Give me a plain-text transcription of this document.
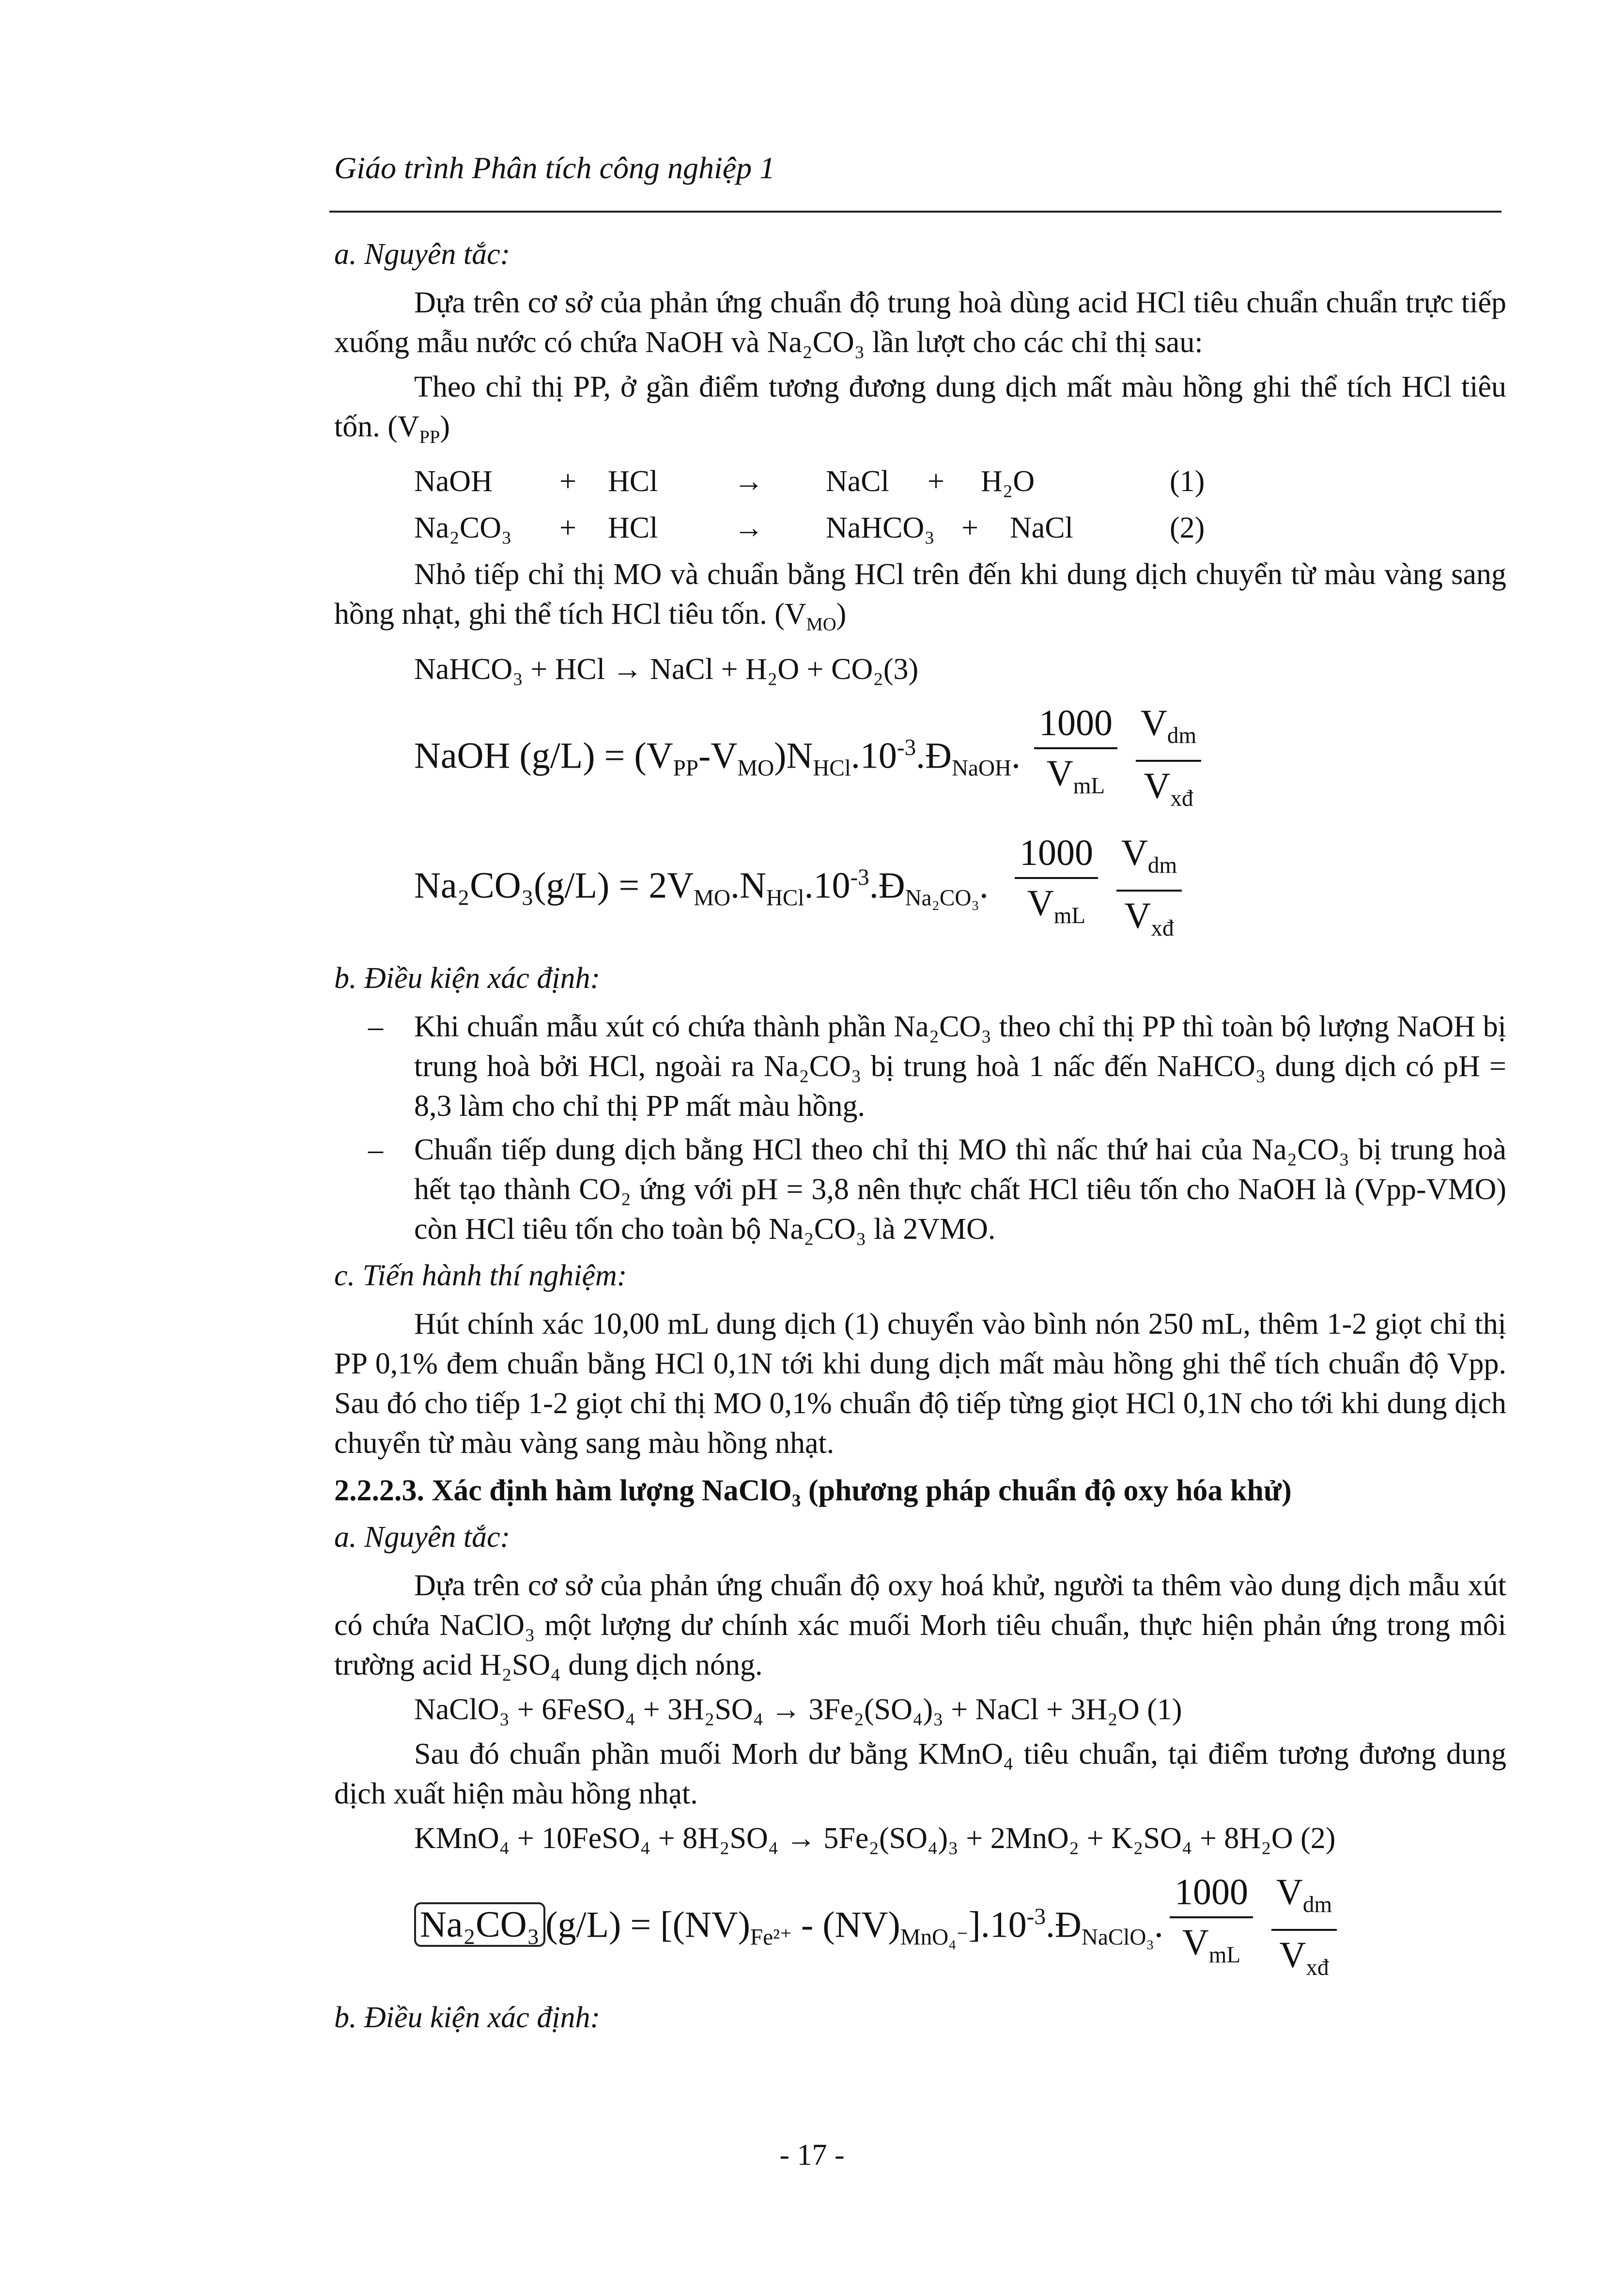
Giáo trình Phân tích công nghiệp 1
a. Nguyên tắc:

Dựa trên cơ sở của phản ứng chuẩn độ trung hoà dùng acid HCl tiêu chuẩn chuẩn trực tiếp xuống mẫu nước có chứa NaOH và Na₂CO₃ lần lượt cho các chỉ thị sau:

Theo chỉ thị PP, ở gần điểm tương đương dung dịch mất màu hồng ghi thể tích HCl tiêu tốn. $(V_{PP})$

NaOH + HCl	→ NaCl + H₂O	(1)
Na₂CO₃ + HCl	→ NaHCO₃ + NaCl	(2)

Nhỏ tiếp chỉ thị MO và chuẩn bằng HCl trên đến khi dung dịch chuyển từ màu vàng sang hồng nhạt, ghi thể tích HCl tiêu tốn. $(V_{MO})$

NaHCO₃ + HCl → NaCl + H₂O + CO₂(3)
NaOH $(g/L) = (V_{PP}-V_{MO})N_{HCl}.10^{-3}.Đ_{NaOH}$.
1000
$V_{mL}$
$V_{dm}$
$V_{xđ}$
$Na_2CO_3(g/L) = 2V_{MO}.N_{HCl}.10^{-3}.Đ_{Na_2CO_3}$.
1000
$V_{mL}$
$V_{dm}$
$V_{xđ}$
b. Điều kiện xác định:
– Khi chuẩn mẫu xút có chứa thành phần Na₂CO₃ theo chỉ thị PP thì toàn bộ lượng NaOH bị trung hoà bởi HCl, ngoài ra Na₂CO₃ bị trung hoà 1 nấc đến NaHCO₃ dung dịch có pH = 8,3 làm cho chỉ thị PP mất màu hồng.
– Chuẩn tiếp dung dịch bằng HCl theo chỉ thị MO thì nấc thứ hai của Na₂CO₃ bị trung hoà hết tạo thành CO₂ ứng với pH = 3,8 nên thực chất HCl tiêu tốn cho NaOH là (Vpp-VMO) còn HCl tiêu tốn cho toàn bộ Na₂CO₃ là 2VMO.
c. Tiến hành thí nghiệm:

Hút chính xác 10,00 mL dung dịch (1) chuyển vào bình nón 250 mL, thêm 1-2 giọt chỉ thị PP 0,1% đem chuẩn bằng HCl 0,1N tới khi dung dịch mất màu hồng ghi thể tích chuẩn độ Vpp. Sau đó cho tiếp 1-2 giọt chỉ thị MO 0,1% chuẩn độ tiếp từng giọt HCl 0,1N cho tới khi dung dịch chuyển từ màu vàng sang màu hồng nhạt.

2.2.2.3. Xác định hàm lượng NaClO₃ (phương pháp chuẩn độ oxy hóa khử)
a. Nguyên tắc:

Dựa trên cơ sở của phản ứng chuẩn độ oxy hoá khử, người ta thêm vào dung dịch mẫu xút có chứa NaClO₃ một lượng dư chính xác muối Morh tiêu chuẩn, thực hiện phản ứng trong môi trường acid H₂SO₄ dung dịch nóng.

NaClO₃ + 6FeSO₄ + 3H₂SO₄ → 3Fe₂(SO₄)₃ + NaCl + 3H₂O (1)

Sau đó chuẩn phần muối Morh dư bằng KMnO₄ tiêu chuẩn, tại điểm tương đương dung dịch xuất hiện màu hồng nhạt.

KMnO₄ + 10FeSO₄ + 8H₂SO₄ → 5Fe₂(SO₄)₃ + 2MnO₂ + K₂SO₄ + 8H₂O (2)
Na₂CO₃ $(g/L) = [(NV)_{Fe^{2+}}$ - $(NV)_{MnO_4^-}].10^{-3}.Đ_{NaClO_3}$.
1000
$V_{mL}$
$V_{dm}$
$V_{xđ}$
b. Điều kiện xác định:
- 17 -
